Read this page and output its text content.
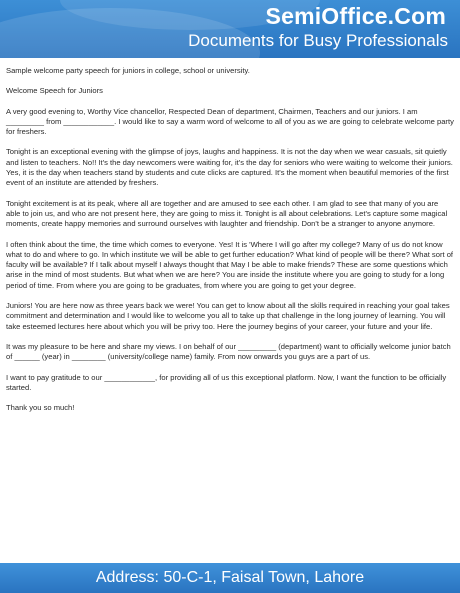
SemiOffice.Com
Documents for Busy Professionals

Sample welcome party speech for juniors in college, school or university.

Welcome Speech for Juniors

A very good evening to, Worthy Vice chancellor, Respected Dean of department, Chairmen, Teachers and our juniors. I am _________ from ____________. I would like to say a warm word of welcome to all of you as we are going to celebrate welcome party for freshers.

Tonight is an exceptional evening with the glimpse of joys, laughs and happiness. It is not the day when we wear casuals, sit quietly and listen to teachers. No!! It's the day newcomers were waiting for, it's the day for seniors who were waiting to welcome their juniors. Yes, it is the day when teachers stand by students and cute clicks are captured. It's the moment when beautiful memories of the first event of an institute are attended by freshers.

Tonight excitement is at its peak, where all are together and are amused to see each other. I am glad to see that many of you are able to join us, and who are not present here, they are going to miss it. Tonight is all about celebrations. Let's capture some magical moments, create happy memories and surround ourselves with laughter and friendship. Don't be a stranger to anyone anymore.

I often think about the time, the time which comes to everyone. Yes! It is 'Where I will go after my college? Many of us do not know what to do and where to go. In which institute we will be able to get further education? What kind of people will be there? What sort of faculty will be available? If I talk about myself I always thought that May I be able to make friends? These are some questions which arise in the mind of most students. But what when we are here? You are inside the institute where you are going to study for a long period of time. From where you are going to be graduates, from where you are going to get your degree.

Juniors! You are here now as three years back we were! You can get to know about all the skills required in reaching your goal takes commitment and determination and I would like to welcome you all to take up that challenge in the long journey of learning. You will take esteemed lectures here about which you will be privy too. Here the journey begins of your career, your future and your life.

It was my pleasure to be here and share my views. I on behalf of our _________ (department) want to officially welcome junior batch of ______ (year) in ________ (university/college name) family. From now onwards you guys are a part of us.

I want to pay gratitude to our ____________, for providing all of us this exceptional platform. Now, I want the function to be officially started.

Thank you so much!

Address: 50-C-1, Faisal Town, Lahore
